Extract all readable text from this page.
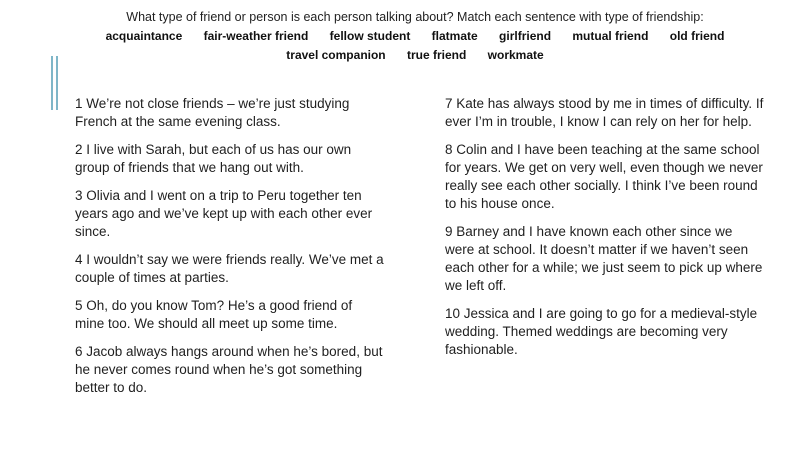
What type of friend or person is each person talking about? Match each sentence with type of friendship:
acquaintance fair-weather friend fellow student flatmate girlfriend mutual friend old friend travel companion true friend workmate

1 We’re not close friends – we’re just studying French at the same evening class.

2 I live with Sarah, but each of us has our own group of friends that we hang out with.

3 Olivia and I went on a trip to Peru together ten years ago and we’ve kept up with each other ever since.

4 I wouldn’t say we were friends really. We’ve met a couple of times at parties.

5 Oh, do you know Tom? He’s a good friend of mine too. We should all meet up some time.

6 Jacob always hangs around when he’s bored, but he never comes round when he’s got something better to do.

7 Kate has always stood by me in times of difficulty. If ever I’m in trouble, I know I can rely on her for help.

8 Colin and I have been teaching at the same school for years. We get on very well, even though we never really see each other socially. I think I’ve been round to his house once.

9 Barney and I have known each other since we were at school. It doesn’t matter if we haven’t seen each other for a while; we just seem to pick up where we left off.

10 Jessica and I are going to go for a medieval-style wedding. Themed weddings are becoming very fashionable.
